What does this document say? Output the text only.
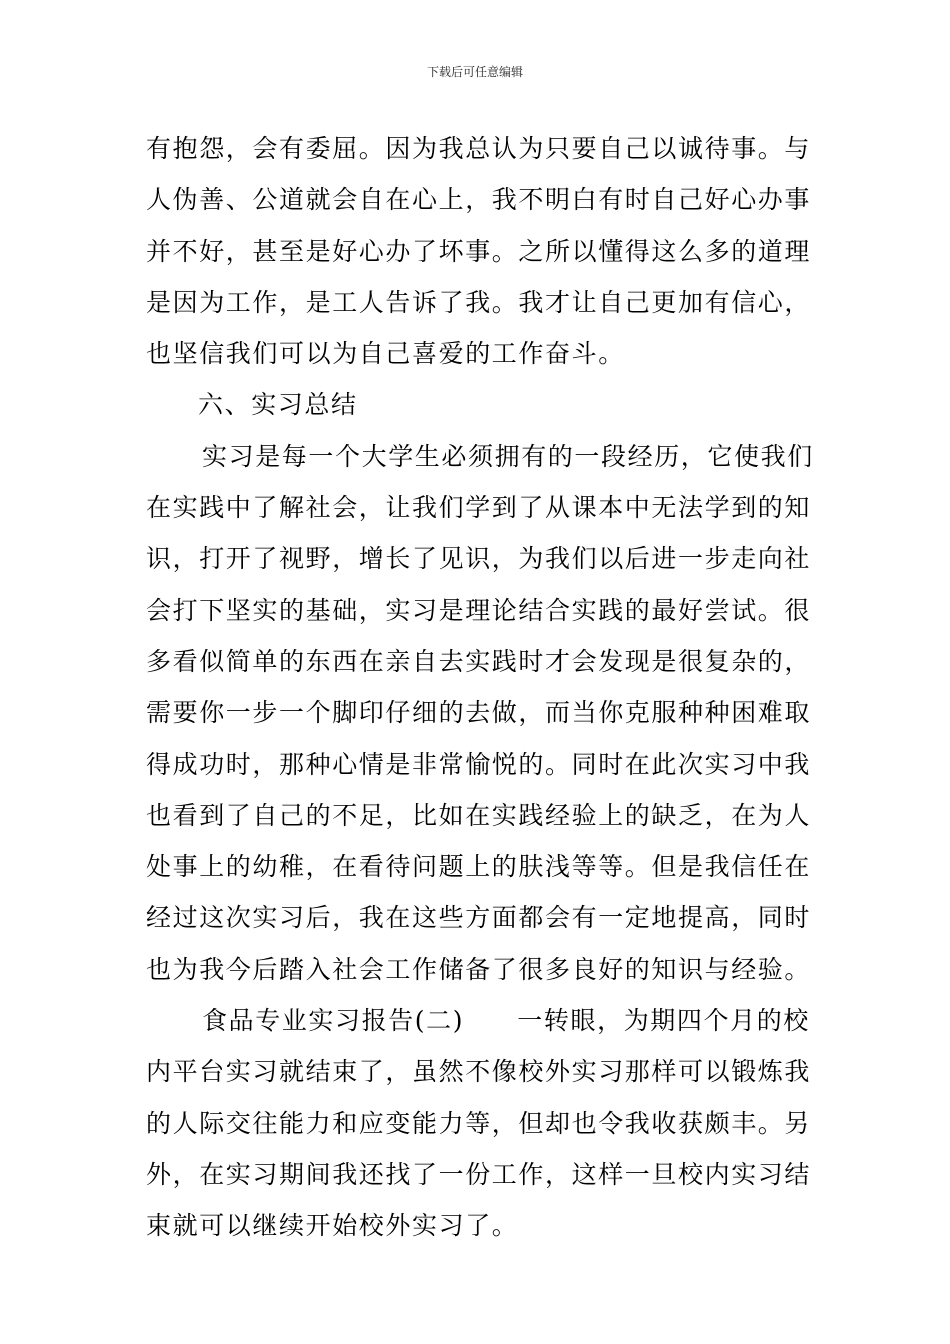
下载后可任意编辑
有抱怨，会有委屈。因为我总认为只要自己以诚待事。与
人伪善、公道就会自在心上，我不明白有时自己好心办事
并不好，甚至是好心办了坏事。之所以懂得这么多的道理
是因为工作，是工人告诉了我。我才让自己更加有信心，
也坚信我们可以为自己喜爱的工作奋斗。
六、实习总结
实习是每一个大学生必须拥有的一段经历，它使我们
在实践中了解社会，让我们学到了从课本中无法学到的知
识，打开了视野，增长了见识，为我们以后进一步走向社
会打下坚实的基础，实习是理论结合实践的最好尝试。很
多看似简单的东西在亲自去实践时才会发现是很复杂的，
需要你一步一个脚印仔细的去做，而当你克服种种困难取
得成功时，那种心情是非常愉悦的。同时在此次实习中我
也看到了自己的不足，比如在实践经验上的缺乏，在为人
处事上的幼稚，在看待问题上的肤浅等等。但是我信任在
经过这次实习后，我在这些方面都会有一定地提高，同时
也为我今后踏入社会工作储备了很多良好的知识与经验。
食品专业实习报告(二)　　一转眼，为期四个月的校
内平台实习就结束了，虽然不像校外实习那样可以锻炼我
的人际交往能力和应变能力等，但却也令我收获颇丰。另
外，在实习期间我还找了一份工作，这样一旦校内实习结
束就可以继续开始校外实习了。
